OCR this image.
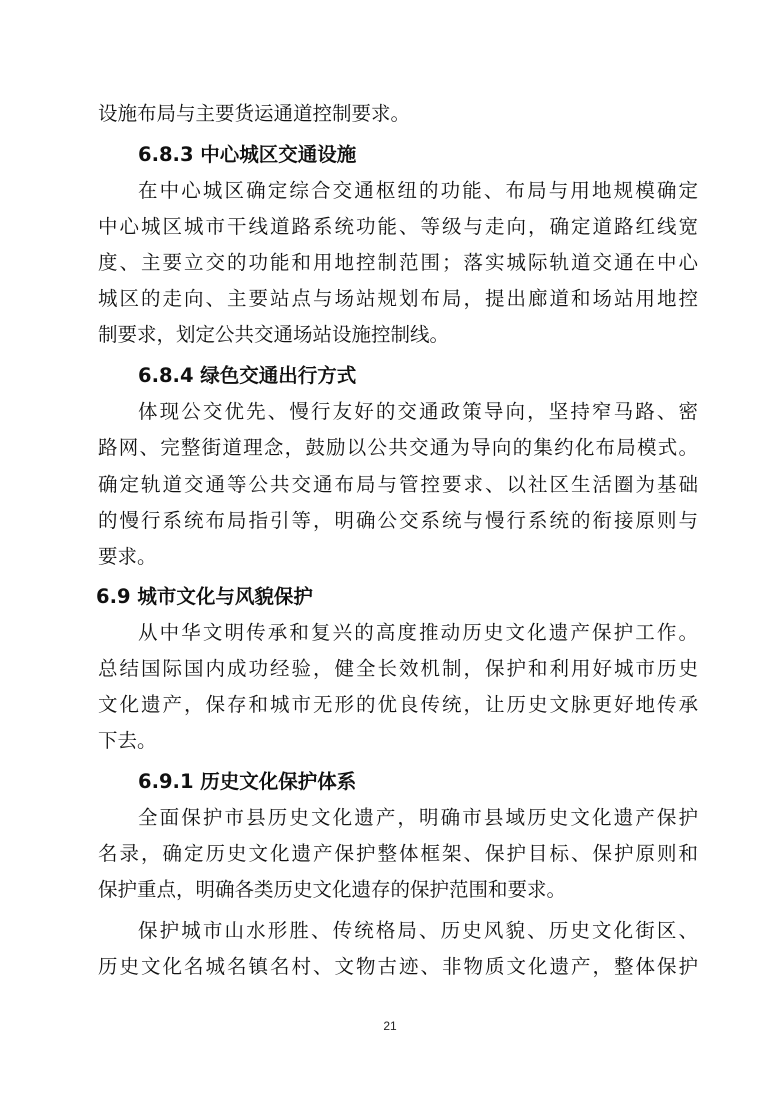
设施布局与主要货运通道控制要求。
6.8.3 中心城区交通设施
在中心城区确定综合交通枢纽的功能、布局与用地规模确定
中心城区城市干线道路系统功能、等级与走向，确定道路红线宽
度、主要立交的功能和用地控制范围；落实城际轨道交通在中心
城区的走向、主要站点与场站规划布局，提出廊道和场站用地控
制要求，划定公共交通场站设施控制线。
6.8.4 绿色交通出行方式
体现公交优先、慢行友好的交通政策导向，坚持窄马路、密
路网、完整街道理念，鼓励以公共交通为导向的集约化布局模式。
确定轨道交通等公共交通布局与管控要求、以社区生活圈为基础
的慢行系统布局指引等，明确公交系统与慢行系统的衔接原则与
要求。
6.9 城市文化与风貌保护
从中华文明传承和复兴的高度推动历史文化遗产保护工作。
总结国际国内成功经验，健全长效机制，保护和利用好城市历史
文化遗产，保存和城市无形的优良传统，让历史文脉更好地传承
下去。
6.9.1 历史文化保护体系
全面保护市县历史文化遗产，明确市县域历史文化遗产保护
名录，确定历史文化遗产保护整体框架、保护目标、保护原则和
保护重点，明确各类历史文化遗存的保护范围和要求。
保护城市山水形胜、传统格局、历史风貌、历史文化街区、
历史文化名城名镇名村、文物古迹、非物质文化遗产，整体保护
21
